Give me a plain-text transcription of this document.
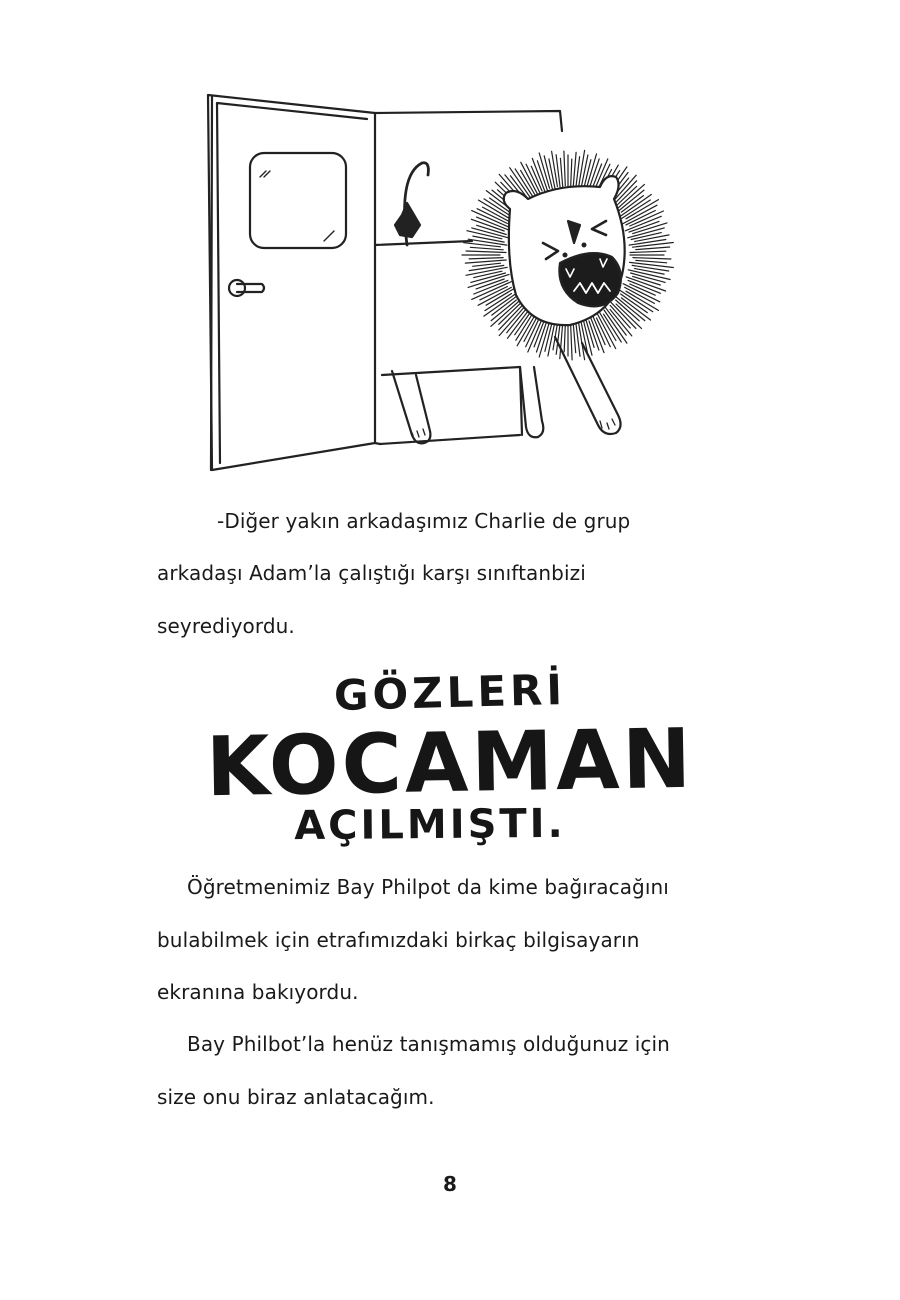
-Diğer yakın arkadaşımız Charlie de grup

arkadaşı Adam’la çalıştığı karşı sınıftanbizi
seyrediyordu.

GÖZLERİ
KOCAMAN
AÇILMIŞTI.

Öğretmenimiz Bay Philpot da kime bağıracağını
bulabilmek için etrafımızdaki birkaç bilgisayarın
ekranına bakıyordu.

Bay Philbot’la henüz tanışmamış olduğunuz için
size onu biraz anlatacağım.

8
